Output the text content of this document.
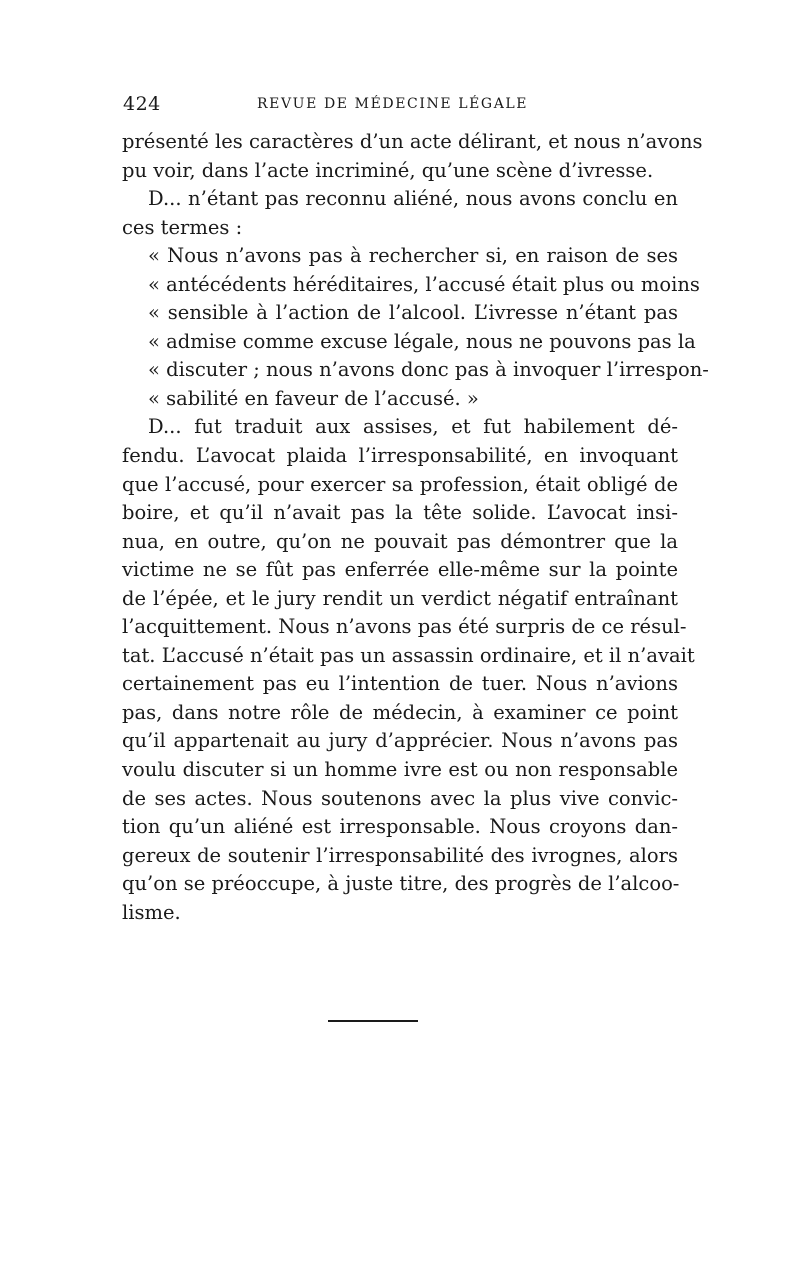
424	REVUE DE MÉDECINE LÉGALE
présenté les caractères d’un acte délirant, et nous n’avons
pu voir, dans l’acte incriminé, qu’une scène d’ivresse.
D... n’étant pas reconnu aliéné, nous avons conclu en
ces termes :
« Nous n’avons pas à rechercher si, en raison de ses
« antécédents héréditaires, l’accusé était plus ou moins
« sensible à l’action de l’alcool. L’ivresse n’étant pas
« admise comme excuse légale, nous ne pouvons pas la
« discuter ; nous n’avons donc pas à invoquer l’irrespon-
« sabilité en faveur de l’accusé. »
D... fut traduit aux assises, et fut habilement dé-
fendu. L’avocat plaida l’irresponsabilité, en invoquant
que l’accusé, pour exercer sa profession, était obligé de
boire, et qu’il n’avait pas la tête solide. L’avocat insi-
nua, en outre, qu’on ne pouvait pas démontrer que la
victime ne se fût pas enferrée elle-même sur la pointe
de l’épée, et le jury rendit un verdict négatif entraînant
l’acquittement. Nous n’avons pas été surpris de ce résul-
tat. L’accusé n’était pas un assassin ordinaire, et il n’avait
certainement pas eu l’intention de tuer. Nous n’avions
pas, dans notre rôle de médecin, à examiner ce point
qu’il appartenait au jury d’apprécier. Nous n’avons pas
voulu discuter si un homme ivre est ou non responsable
de ses actes. Nous soutenons avec la plus vive convic-
tion qu’un aliéné est irresponsable. Nous croyons dan-
gereux de soutenir l’irresponsabilité des ivrognes, alors
qu’on se préoccupe, à juste titre, des progrès de l’alcoo-
lisme.
